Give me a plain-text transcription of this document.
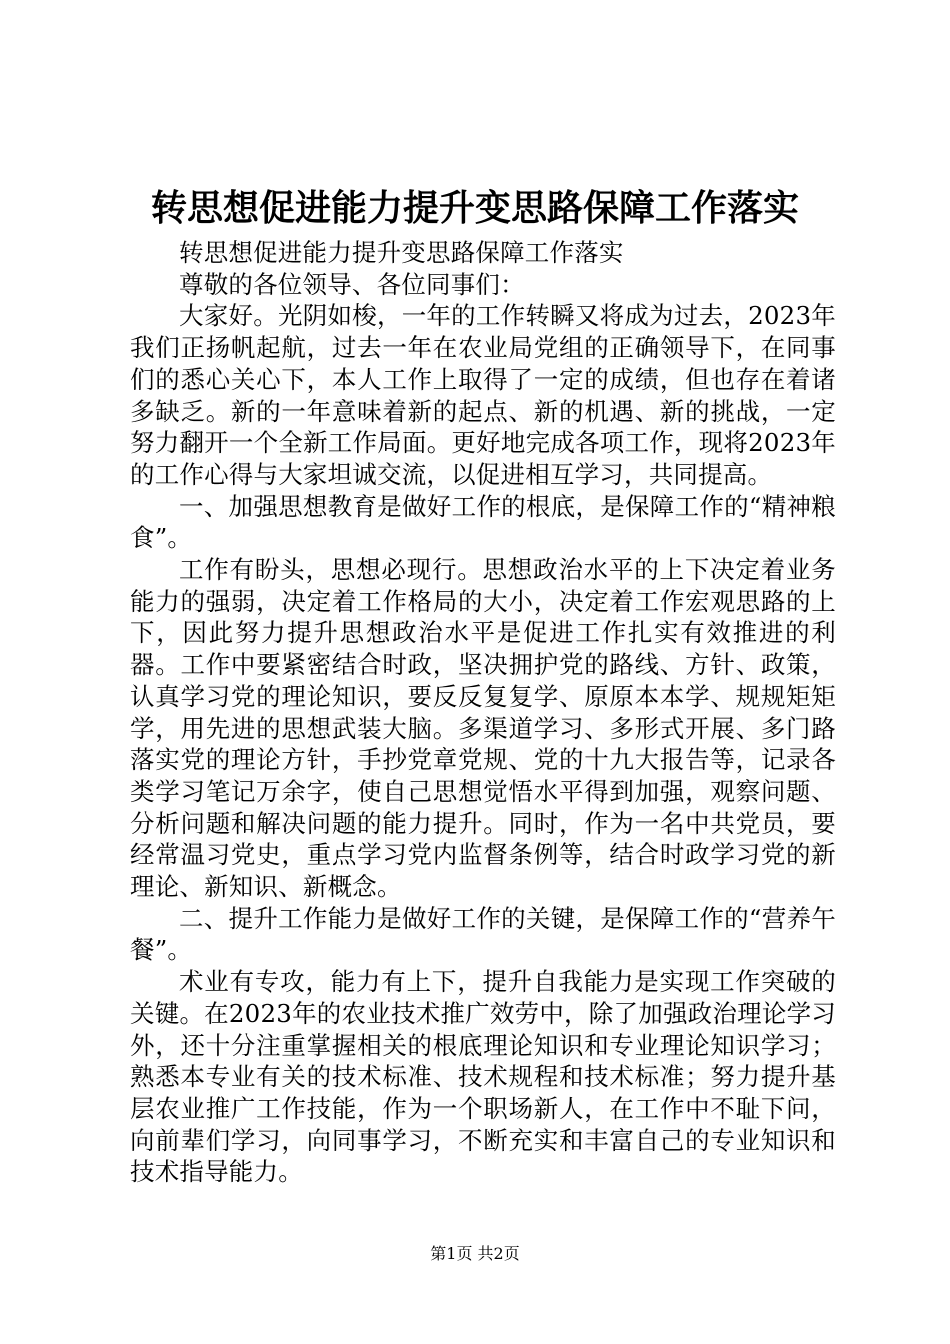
转思想促进能力提升变思路保障工作落实

转思想促进能力提升变思路保障工作落实

尊敬的各位领导、各位同事们：

大家好。光阴如梭，一年的工作转瞬又将成为过去，2023年我们正扬帆起航，过去一年在农业局党组的正确领导下，在同事们的悉心关心下，本人工作上取得了一定的成绩，但也存在着诸多缺乏。新的一年意味着新的起点、新的机遇、新的挑战，一定努力翻开一个全新工作局面。更好地完成各项工作，现将2023年的工作心得与大家坦诚交流，以促进相互学习，共同提高。

一、加强思想教育是做好工作的根底，是保障工作的“精神粮食”。

工作有盼头，思想必现行。思想政治水平的上下决定着业务能力的强弱，决定着工作格局的大小，决定着工作宏观思路的上下，因此努力提升思想政治水平是促进工作扎实有效推进的利器。工作中要紧密结合时政，坚决拥护党的路线、方针、政策，认真学习党的理论知识，要反反复复学、原原本本学、规规矩矩学，用先进的思想武装大脑。多渠道学习、多形式开展、多门路落实党的理论方针，手抄党章党规、党的十九大报告等，记录各类学习笔记万余字，使自己思想觉悟水平得到加强，观察问题、分析问题和解决问题的能力提升。同时，作为一名中共党员，要经常温习党史，重点学习党内监督条例等，结合时政学习党的新理论、新知识、新概念。

二、提升工作能力是做好工作的关键，是保障工作的“营养午餐”。

术业有专攻，能力有上下，提升自我能力是实现工作突破的关键。在2023年的农业技术推广效劳中，除了加强政治理论学习外，还十分注重掌握相关的根底理论知识和专业理论知识学习；熟悉本专业有关的技术标准、技术规程和技术标准；努力提升基层农业推广工作技能，作为一个职场新人，在工作中不耻下问，向前辈们学习，向同事学习，不断充实和丰富自己的专业知识和技术指导能力。

第1页 共2页
